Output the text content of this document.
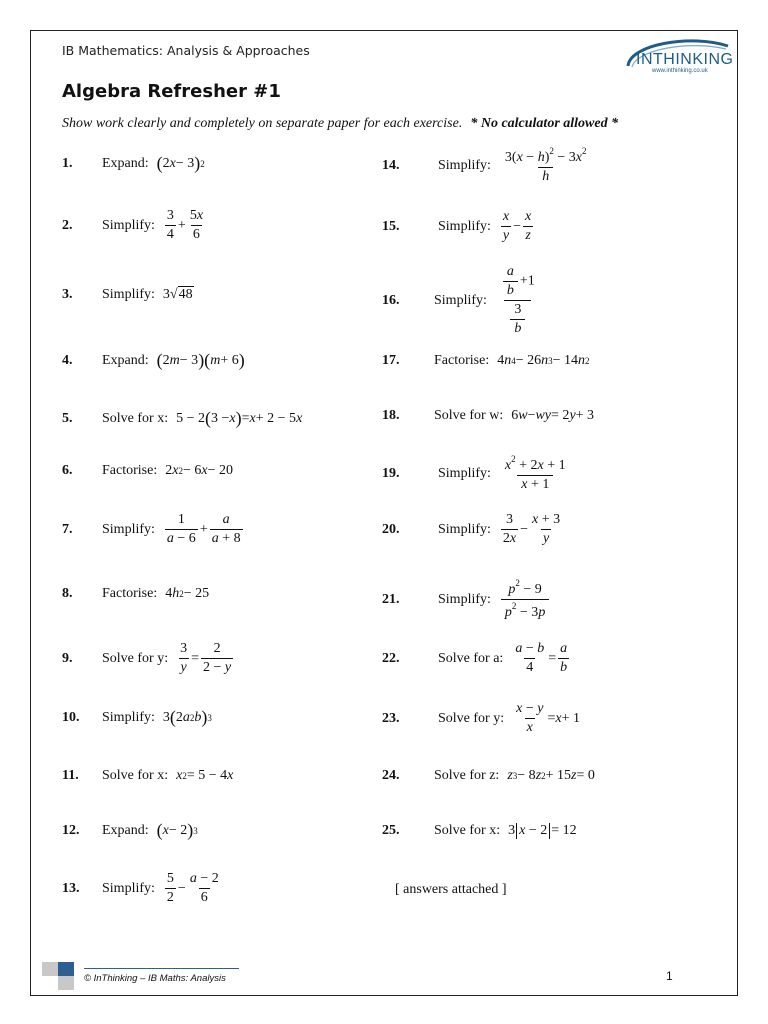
IB Mathematics: Analysis & Approaches
INTHINKING
www.inthinking.co.uk
Algebra Refresher #1
Show work clearly and completely on separate paper for each exercise. * No calculator allowed *
1.	Expand: ( 2 x − 3 ) 2
2.	Simplify: $\frac{3}{4} + \frac{5x}{6}$
3.	Simplify: 3 √ 48
4.	Expand: ( 2 m − 3 )( m + 6 )
5.	Solve for x: 5 − 2 ( 3 − x ) = x + 2 − 5 x
6.	Factorise: 2 x 2 − 6 x − 20
7.	Simplify: $\frac{1}{a - 6} + \frac{a}{a + 8}$
8.	Factorise: 4 h 2 − 25
9.	Solve for y: $\frac{3}{y} = \frac{2}{2 - y}$
10.	Simplify: 3 ( 2 a 2 b ) 3
11.	Solve for x: x 2 = 5 − 4 x
12.	Expand: ( x − 2 ) 3
13.	Simplify: $\frac{5}{2} - \frac{a - 2}{6}$
14.	Simplify: $\frac{3(x - h)^2 - 3x^2}{h}$
15.	Simplify: $\frac{x}{y} - \frac{x}{z}$
16.	Simplify: $\frac{\frac{a}{b} +1}{\frac{3}{b}}$
17.	Factorise: 4 n 4 − 26 n 3 − 14 n 2
18.	Solve for w: 6 w − wy = 2 y + 3
19.	Simplify: $\frac{x^2 + 2x + 1}{x + 1}$
20.	Simplify: $\frac{3}{2x} - \frac{x + 3}{y}$
21.	Simplify: $\frac{p^2 - 9}{p^2 - 3p}$
22.	Solve for a: $\frac{a - b}{4} = \frac{a}{b}$
23.	Solve for y: $\frac{x - y}{x} = x + 1$
24.	Solve for z: z 3 − 8 z 2 + 15 z = 0
25.	Solve for x: 3 x − 2 = 12
[ answers attached ]
© InThinking – IB Maths: Analysis	1
